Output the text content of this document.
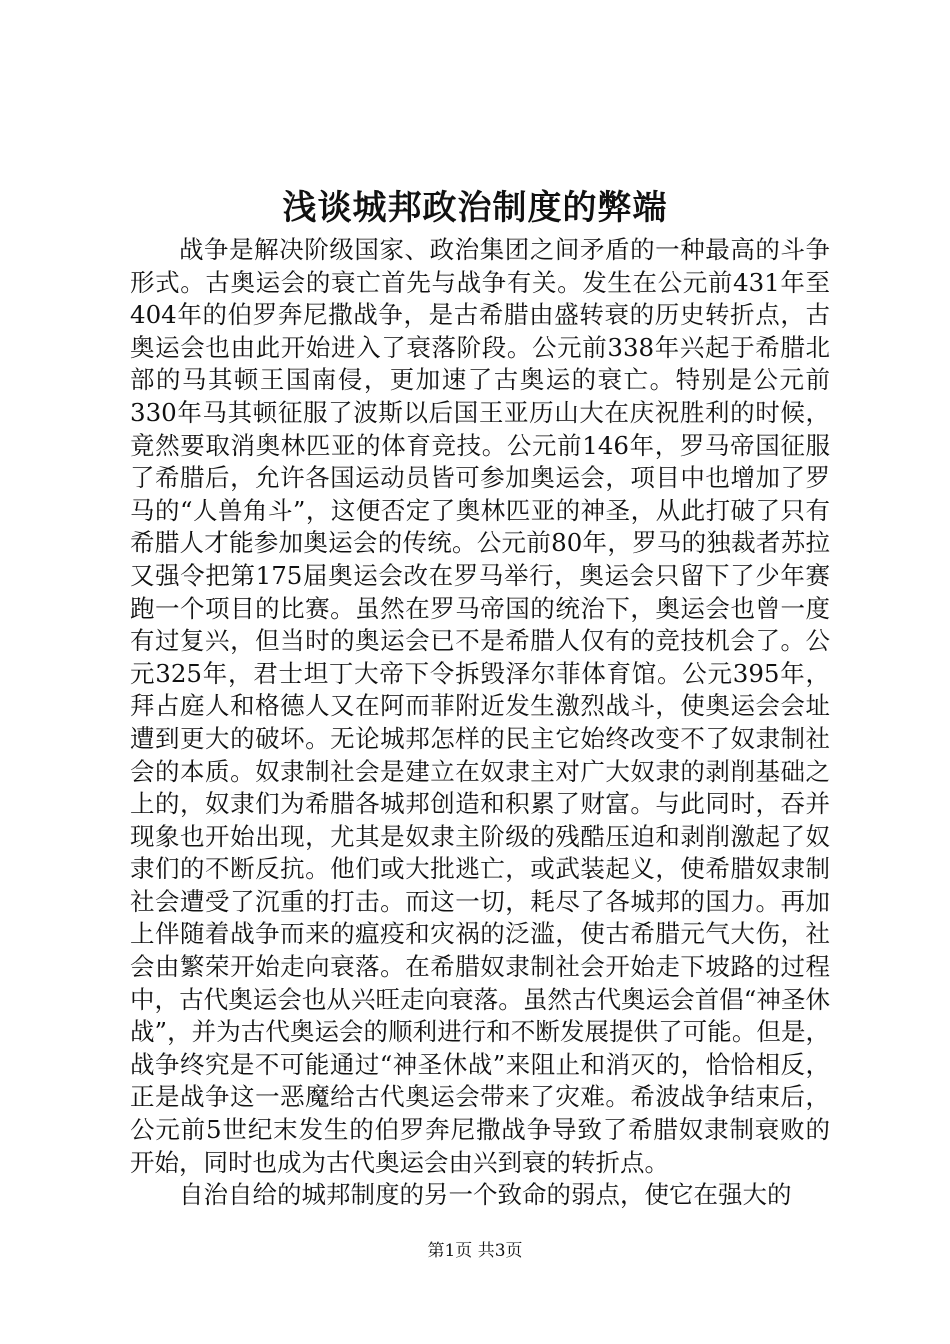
浅谈城邦政治制度的弊端

战争是解决阶级国家、政治集团之间矛盾的一种最高的斗争形式。古奥运会的衰亡首先与战争有关。发生在公元前431年至404年的伯罗奔尼撒战争，是古希腊由盛转衰的历史转折点，古奥运会也由此开始进入了衰落阶段。公元前338年兴起于希腊北部的马其顿王国南侵，更加速了古奥运的衰亡。特别是公元前330年马其顿征服了波斯以后国王亚历山大在庆祝胜利的时候，竟然要取消奥林匹亚的体育竞技。公元前146年，罗马帝国征服了希腊后，允许各国运动员皆可参加奥运会，项目中也增加了罗马的“人兽角斗”，这便否定了奥林匹亚的神圣，从此打破了只有希腊人才能参加奥运会的传统。公元前80年，罗马的独裁者苏拉又强令把第175届奥运会改在罗马举行，奥运会只留下了少年赛跑一个项目的比赛。虽然在罗马帝国的统治下，奥运会也曾一度有过复兴，但当时的奥运会已不是希腊人仅有的竞技机会了。公元325年，君士坦丁大帝下令拆毁泽尔菲体育馆。公元395年，拜占庭人和格德人又在阿而菲附近发生激烈战斗，使奥运会会址遭到更大的破坏。无论城邦怎样的民主它始终改变不了奴隶制社会的本质。奴隶制社会是建立在奴隶主对广大奴隶的剥削基础之上的，奴隶们为希腊各城邦创造和积累了财富。与此同时，吞并现象也开始出现，尤其是奴隶主阶级的残酷压迫和剥削激起了奴隶们的不断反抗。他们或大批逃亡，或武装起义，使希腊奴隶制社会遭受了沉重的打击。而这一切，耗尽了各城邦的国力。再加上伴随着战争而来的瘟疫和灾祸的泛滥，使古希腊元气大伤，社会由繁荣开始走向衰落。在希腊奴隶制社会开始走下坡路的过程中，古代奥运会也从兴旺走向衰落。虽然古代奥运会首倡“神圣休战”，并为古代奥运会的顺利进行和不断发展提供了可能。但是，战争终究是不可能通过“神圣休战”来阻止和消灭的，恰恰相反，正是战争这一恶魔给古代奥运会带来了灾难。希波战争结束后，公元前5世纪末发生的伯罗奔尼撒战争导致了希腊奴隶制衰败的开始，同时也成为古代奥运会由兴到衰的转折点。

自治自给的城邦制度的另一个致命的弱点，使它在强大的

第1页 共3页
